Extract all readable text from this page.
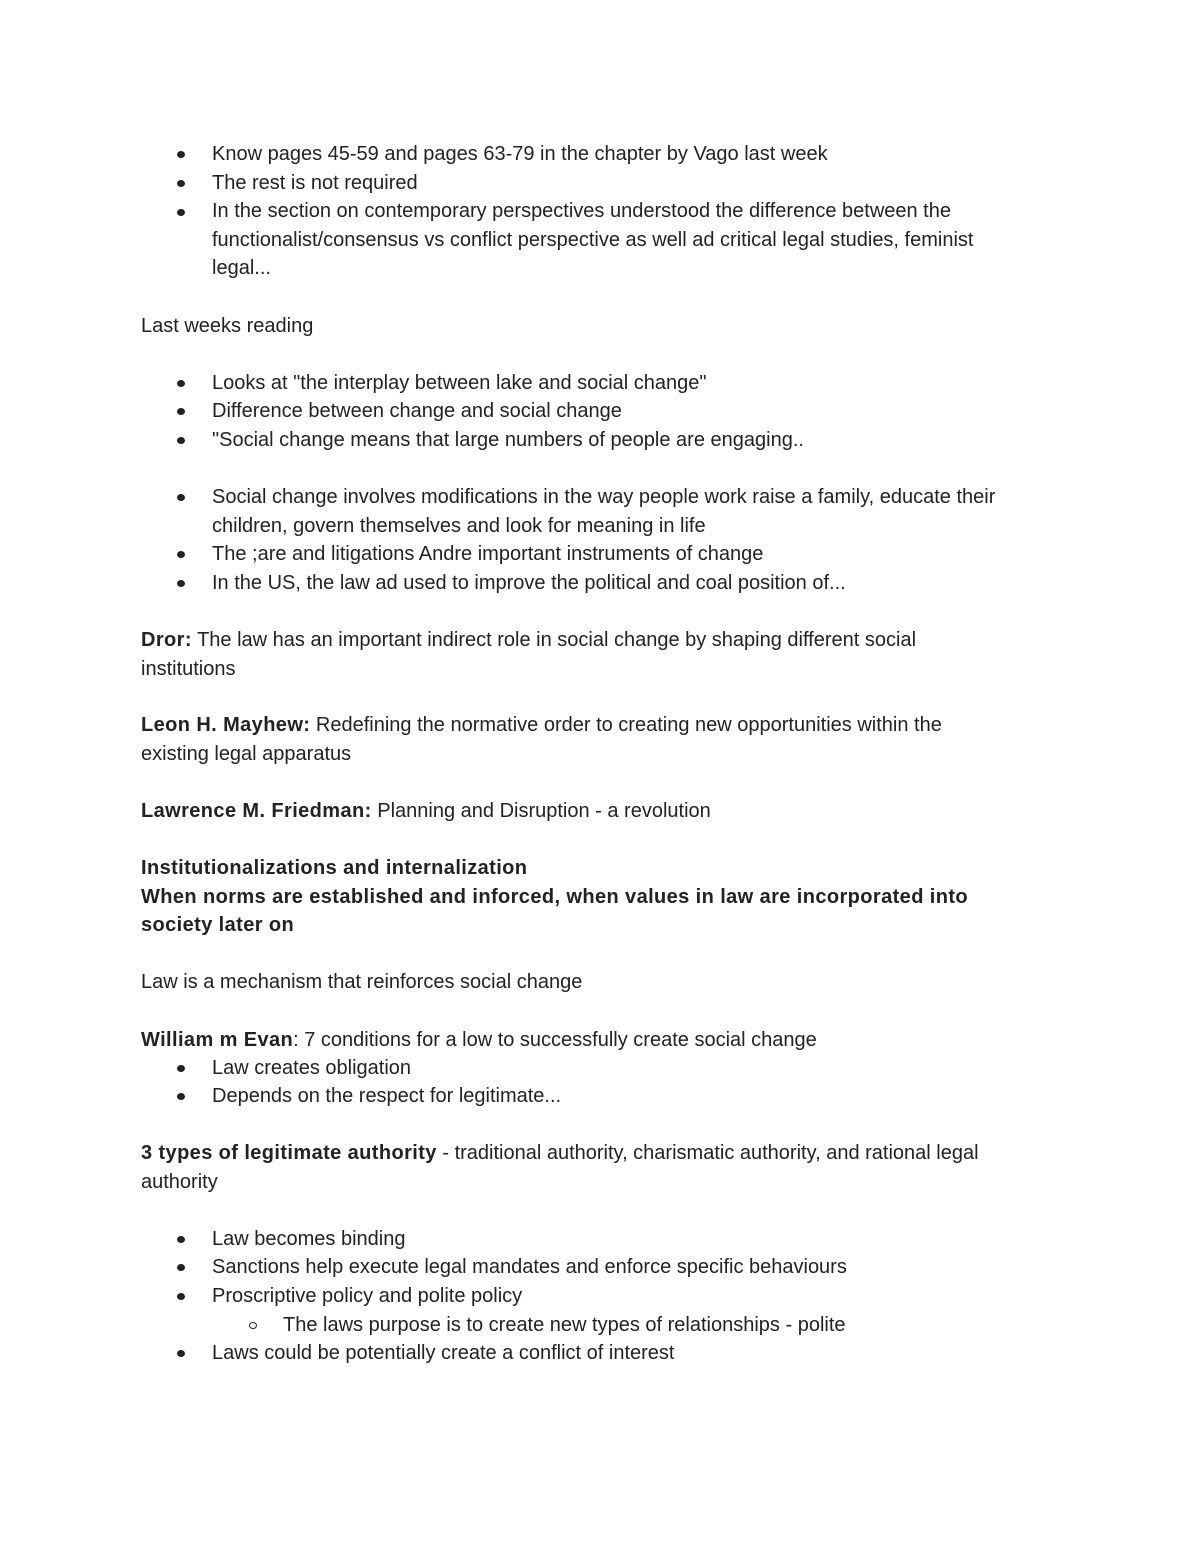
Know pages 45-59 and pages 63-79 in the chapter by Vago last week
The rest is not required
In the section on contemporary perspectives understood the difference between the
functionalist/consensus vs conflict perspective as well ad critical legal studies, feminist
legal...
Last weeks reading
Looks at "the interplay between lake and social change"
Difference between change and social change
"Social change means that large numbers of people are engaging..
Social change involves modifications in the way people work raise a family, educate their
children, govern themselves and look for meaning in life
The ;are and litigations Andre important instruments of change
In the US, the law ad used to improve the political and coal position of...
Dror: The law has an important indirect role in social change by shaping different social
institutions
Leon H. Mayhew: Redefining the normative order to creating new opportunities within the
existing legal apparatus
Lawrence M. Friedman: Planning and Disruption - a revolution
Institutionalizations and internalization
When norms are established and inforced, when values in law are incorporated into
society later on
Law is a mechanism that reinforces social change
William m Evan: 7 conditions for a low to successfully create social change
Law creates obligation
Depends on the respect for legitimate...
3 types of legitimate authority - traditional authority, charismatic authority, and rational legal
authority
Law becomes binding
Sanctions help execute legal mandates and enforce specific behaviours
Proscriptive policy and polite policy
The laws purpose is to create new types of relationships - polite
Laws could be potentially create a conflict of interest
